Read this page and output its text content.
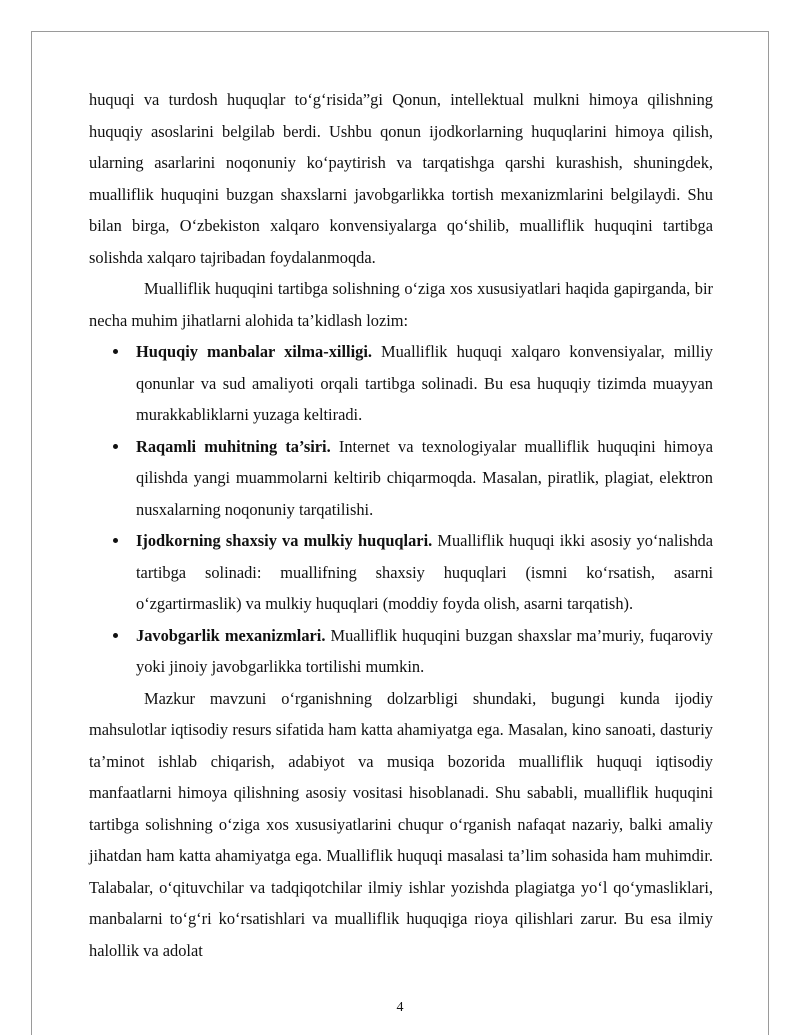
huquqi va turdosh huquqlar to‘g‘risida”gi Qonun, intellektual mulkni himoya qilishning huquqiy asoslarini belgilab berdi. Ushbu qonun ijodkorlarning huquqlarini himoya qilish, ularning asarlarini noqonuniy ko‘paytirish va tarqatishga qarshi kurashish, shuningdek, mualliflik huquqini buzgan shaxslarni javobgarlikka tortish mexanizmlarini belgilaydi. Shu bilan birga, O‘zbekiston xalqaro konvensiyalarga qo‘shilib, mualliflik huquqini tartibga solishda xalqaro tajribadan foydalanmoqda.

Mualliflik huquqini tartibga solishning o‘ziga xos xususiyatlari haqida gapirganda, bir necha muhim jihatlarni alohida ta’kidlash lozim:

Huquqiy manbalar xilma-xilligi. Mualliflik huquqi xalqaro konvensiyalar, milliy qonunlar va sud amaliyoti orqali tartibga solinadi. Bu esa huquqiy tizimda muayyan murakkabliklarni yuzaga keltiradi.
Raqamli muhitning ta’siri. Internet va texnologiyalar mualliflik huquqini himoya qilishda yangi muammolarni keltirib chiqarmoqda. Masalan, piratlik, plagiat, elektron nusxalarning noqonuniy tarqatilishi.
Ijodkorning shaxsiy va mulkiy huquqlari. Mualliflik huquqi ikki asosiy yo‘nalishda tartibga solinadi: muallifning shaxsiy huquqlari (ismni ko‘rsatish, asarni o‘zgartirmaslik) va mulkiy huquqlari (moddiy foyda olish, asarni tarqatish).
Javobgarlik mexanizmlari. Mualliflik huquqini buzgan shaxslar ma’muriy, fuqaroviy yoki jinoiy javobgarlikka tortilishi mumkin.

Mazkur mavzuni o‘rganishning dolzarbligi shundaki, bugungi kunda ijodiy mahsulotlar iqtisodiy resurs sifatida ham katta ahamiyatga ega. Masalan, kino sanoati, dasturiy ta’minot ishlab chiqarish, adabiyot va musiqa bozorida mualliflik huquqi iqtisodiy manfaatlarni himoya qilishning asosiy vositasi hisoblanadi. Shu sababli, mualliflik huquqini tartibga solishning o‘ziga xos xususiyatlarini chuqur o‘rganish nafaqat nazariy, balki amaliy jihatdan ham katta ahamiyatga ega. Mualliflik huquqi masalasi ta’lim sohasida ham muhimdir. Talabalar, o‘qituvchilar va tadqiqotchilar ilmiy ishlar yozishda plagiatga yo‘l qo‘ymasliklari, manbalarni to‘g‘ri ko‘rsatishlari va mualliflik huquqiga rioya qilishlari zarur. Bu esa ilmiy halollik va adolat

4
